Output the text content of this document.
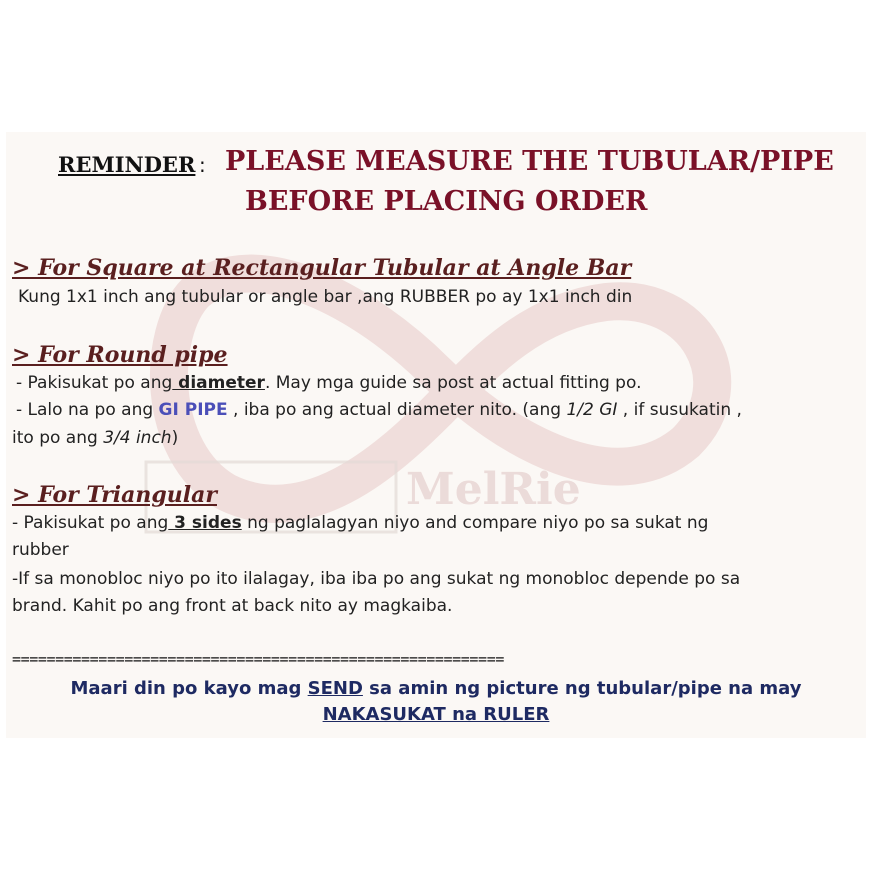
MelRie
REMINDER : PLEASE MEASURE THE TUBULAR/PIPE
BEFORE PLACING ORDER
> For Square at Rectangular Tubular at Angle Bar
Kung 1x1 inch ang tubular or angle bar ,ang RUBBER po ay 1x1 inch din
> For Round pipe
- Pakisukat po ang diameter. May mga guide sa post at actual fitting po.
- Lalo na po ang GI PIPE , iba po ang actual diameter nito. (ang 1/2 GI , if susukatin ,
ito po ang 3/4 inch)
> For Triangular
- Pakisukat po ang 3 sides ng paglalagyan niyo and compare niyo po sa sukat ng
rubber
-If sa monobloc niyo po ito ilalagay, iba iba po ang sukat ng monobloc depende po sa
brand. Kahit po ang front at back nito ay magkaiba.
=========================================================
Maari din po kayo mag SEND sa amin ng picture ng tubular/pipe na may
NAKASUKAT na RULER
